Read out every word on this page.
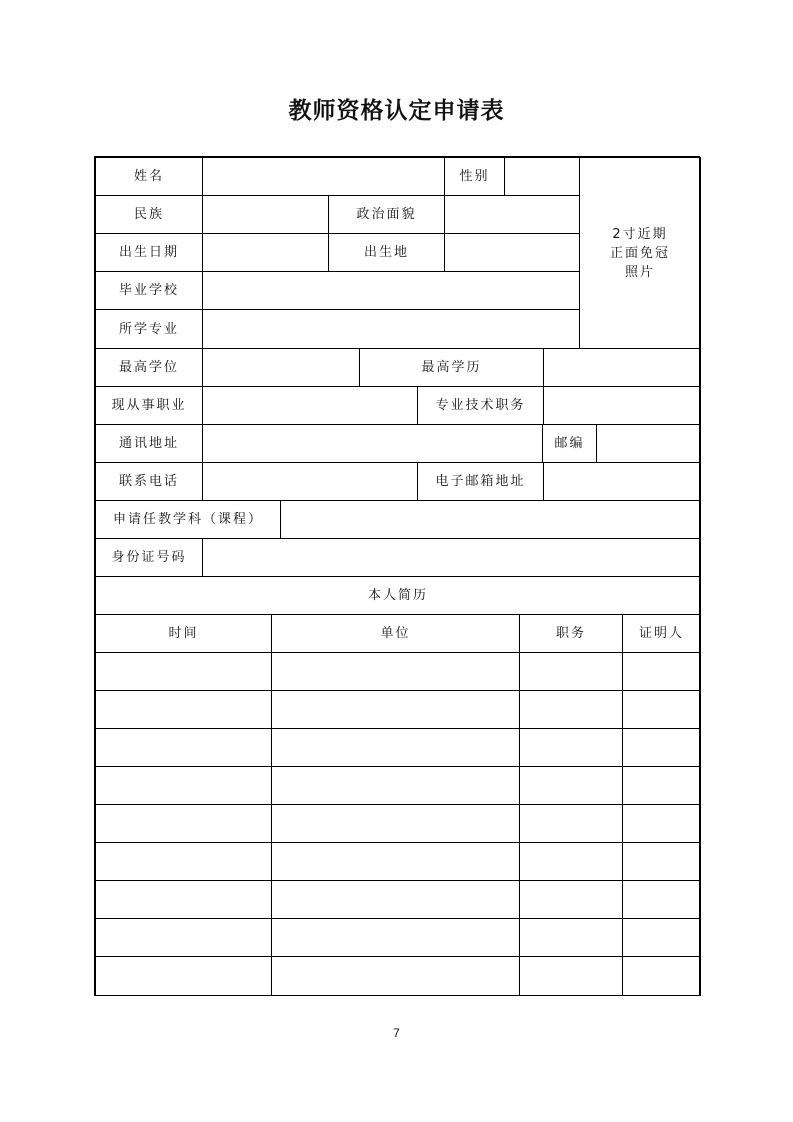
教师资格认定申请表
姓名	性别
2寸近期
正面免冠
照片
民族	政治面貌
出生日期	出生地
毕业学校
所学专业
最高学位	最高学历
现从事职业	专业技术职务
通讯地址	邮编
联系电话	电子邮箱地址
申请任教学科（课程）
身份证号码
本人简历
时间	单位	职务	证明人
7
